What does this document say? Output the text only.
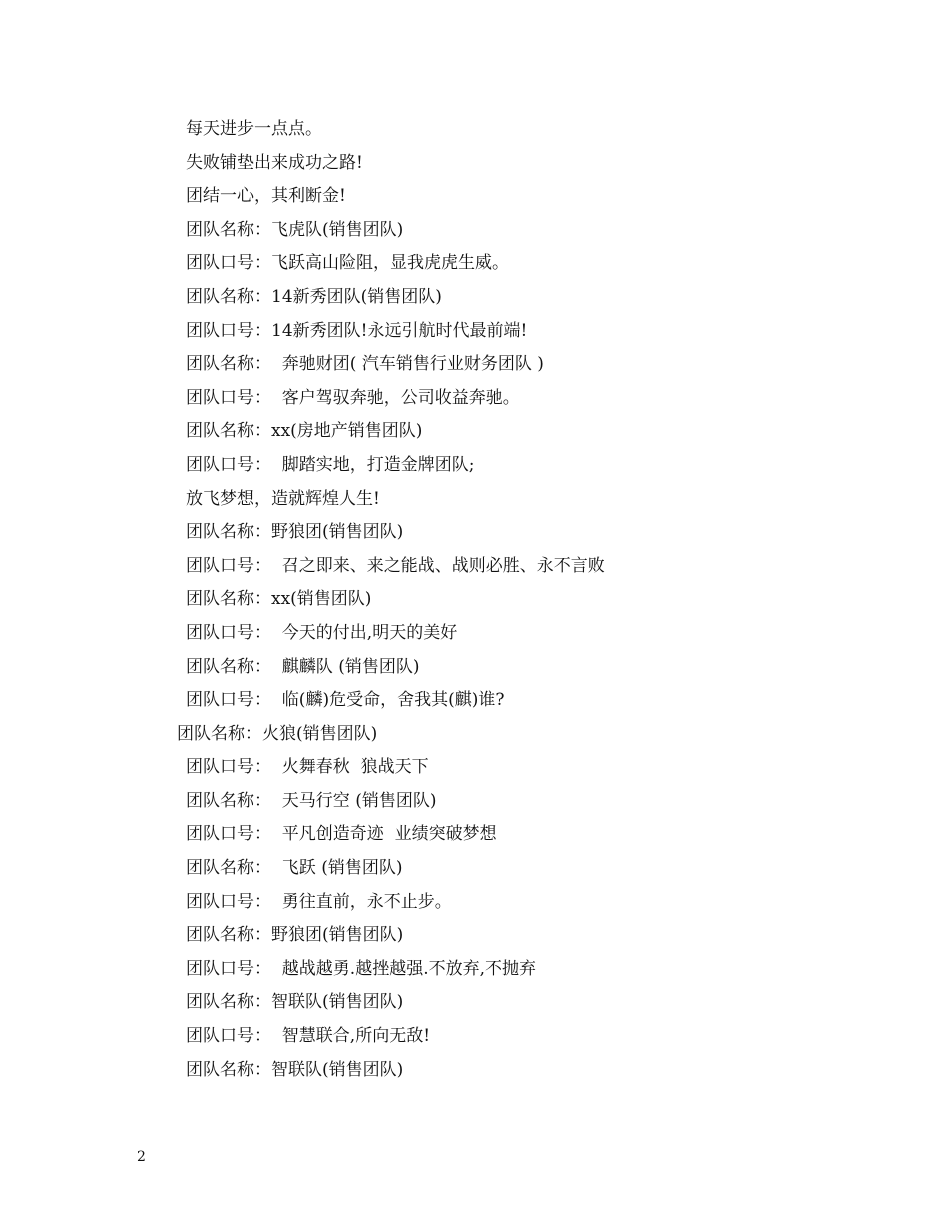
每天进步一点点。
失败铺垫出来成功之路!
团结一心，其利断金!
团队名称：飞虎队(销售团队)
团队口号：飞跃高山险阻，显我虎虎生威。
团队名称：14新秀团队(销售团队)
团队口号：14新秀团队!永远引航时代最前端!
团队名称：  奔驰财团( 汽车销售行业财务团队 )
团队口号：  客户驾驭奔驰，公司收益奔驰。
团队名称：xx(房地产销售团队)
团队口号：  脚踏实地，打造金牌团队;
放飞梦想，造就辉煌人生!
团队名称：野狼团(销售团队)
团队口号：  召之即来、来之能战、战则必胜、永不言败
团队名称：xx(销售团队)
团队口号：  今天的付出,明天的美好
团队名称：  麒麟队 (销售团队)
团队口号：  临(麟)危受命，舍我其(麒)谁?
团队名称：火狼(销售团队)
团队口号：  火舞春秋  狼战天下
团队名称：  天马行空 (销售团队)
团队口号：  平凡创造奇迹  业绩突破梦想
团队名称：  飞跃 (销售团队)
团队口号：  勇往直前，永不止步。
团队名称：野狼团(销售团队)
团队口号：  越战越勇.越挫越强.不放弃,不抛弃
团队名称：智联队(销售团队)
团队口号：  智慧联合,所向无敌!
团队名称：智联队(销售团队)
2
